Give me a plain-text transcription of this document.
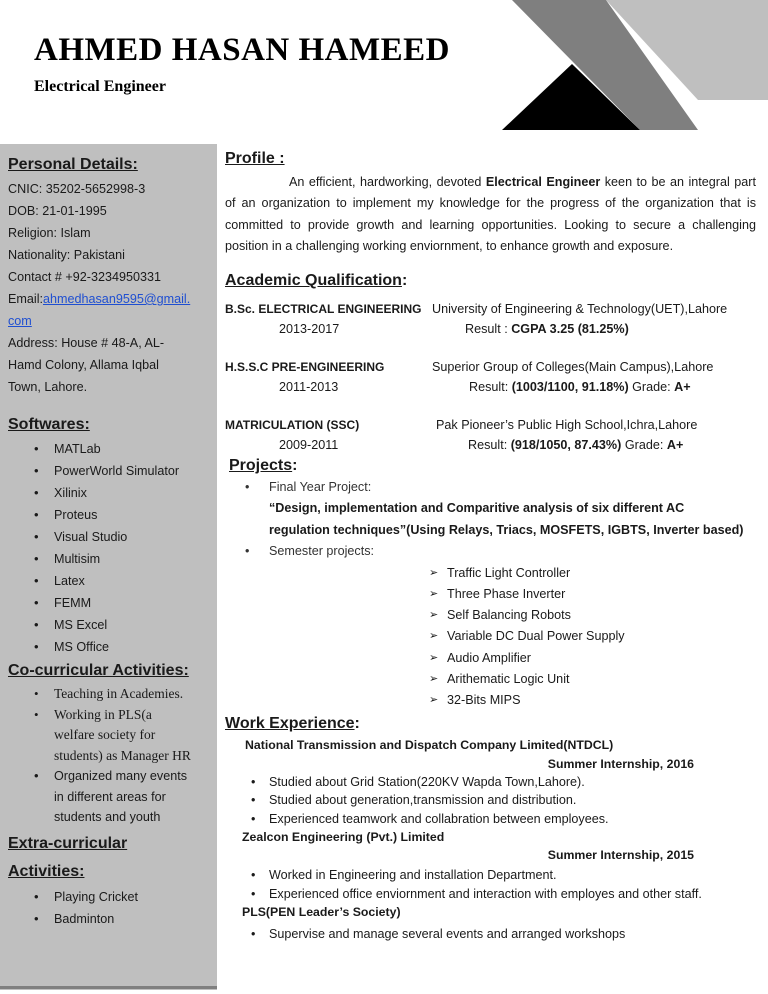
AHMED HASAN HAMEED
Electrical Engineer
Personal Details:
CNIC: 35202-5652998-3
DOB: 21-01-1995
Religion: Islam
Nationality: Pakistani
Contact # +92-3234950331
Email:ahmedhasan9595@gmail.
com
Address: House # 48-A, AL-
Hamd Colony, Allama Iqbal
Town, Lahore.
Softwares:
• MATLab
• PowerWorld Simulator
• Xilinix
• Proteus
• Visual Studio
• Multisim
• Latex
• FEMM
• MS Excel
• MS Office
Co-curricular Activities:
• Teaching in Academies.
• Working in PLS(a
welfare society for
students) as Manager HR
• Organized many events
in different areas for
students and youth
Extra-curricular
Activities:
• Playing Cricket
• Badminton
Profile :

An efficient, hardworking, devoted Electrical Engineer keen to be an integral part of an organization to implement my knowledge for the progress of the organization that is committed to provide growth and learning opportunities. Looking to secure a challenging position in a challenging working enviornment, to enhance growth and exposure.

Academic Qualification:
B.Sc. ELECTRICAL ENGINEERING University of Engineering & Technology(UET),Lahore
2013-2017	Result : CGPA 3.25 (81.25%)
H.S.S.C PRE-ENGINEERING	Superior Group of Colleges(Main Campus),Lahore
2011-2013	Result: (1003/1100, 91.18%) Grade: A+
MATRICULATION (SSC)	Pak Pioneer’s Public High School,Ichra,Lahore
2009-2011	Result: (918/1050, 87.43%) Grade: A+
Projects:
• Final Year Project:
“Design, implementation and Comparitive analysis of six different AC
regulation techniques”(Using Relays, Triacs, MOSFETS, IGBTS, Inverter based)
• Semester projects:
➢ Traffic Light Controller
➢ Three Phase Inverter
➢ Self Balancing Robots
➢ Variable DC Dual Power Supply
➢ Audio Amplifier
➢ Arithematic Logic Unit
➢ 32-Bits MIPS
Work Experience:
National Transmission and Dispatch Company Limited(NTDCL)
Summer Internship, 2016
• Studied about Grid Station(220KV Wapda Town,Lahore).
• Studied about generation,transmission and distribution.
• Experienced teamwork and collabration between employees.
Zealcon Engineering (Pvt.) Limited
Summer Internship, 2015
• Worked in Engineering and installation Department.
• Experienced office enviornment and interaction with employes and other staff.
PLS(PEN Leader’s Society)
• Supervise and manage several events and arranged workshops
